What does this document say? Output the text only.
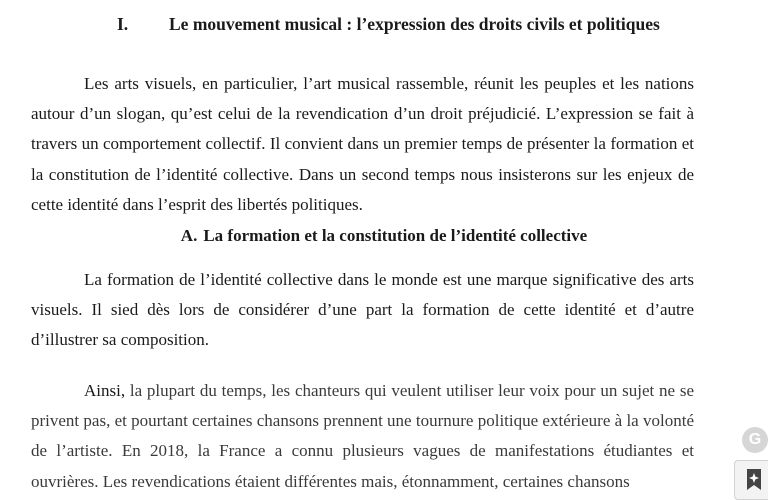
I. Le mouvement musical : l’expression des droits civils et politiques

Les arts visuels, en particulier, l’art musical rassemble, réunit les peuples et les nations autour d’un slogan, qu’est celui de la revendication d’un droit préjudicié. L’expression se fait à travers un comportement collectif. Il convient dans un premier temps de présenter la formation et la constitution de l’identité collective. Dans un second temps nous insisterons sur les enjeux de cette identité dans l’esprit des libertés politiques.

A. La formation et la constitution de l’identité collective

La formation de l’identité collective dans le monde est une marque significative des arts visuels. Il sied dès lors de considérer d’une part la formation de cette identité et d’autre d’illustrer sa composition.

Ainsi, la plupart du temps, les chanteurs qui veulent utiliser leur voix pour un sujet ne se privent pas, et pourtant certaines chansons prennent une tournure politique extérieure à la volonté de l’artiste. En 2018, la France a connu plusieurs vagues de manifestations étudiantes et ouvrières. Les revendications étaient différentes mais, étonnamment, certaines chansons

G
